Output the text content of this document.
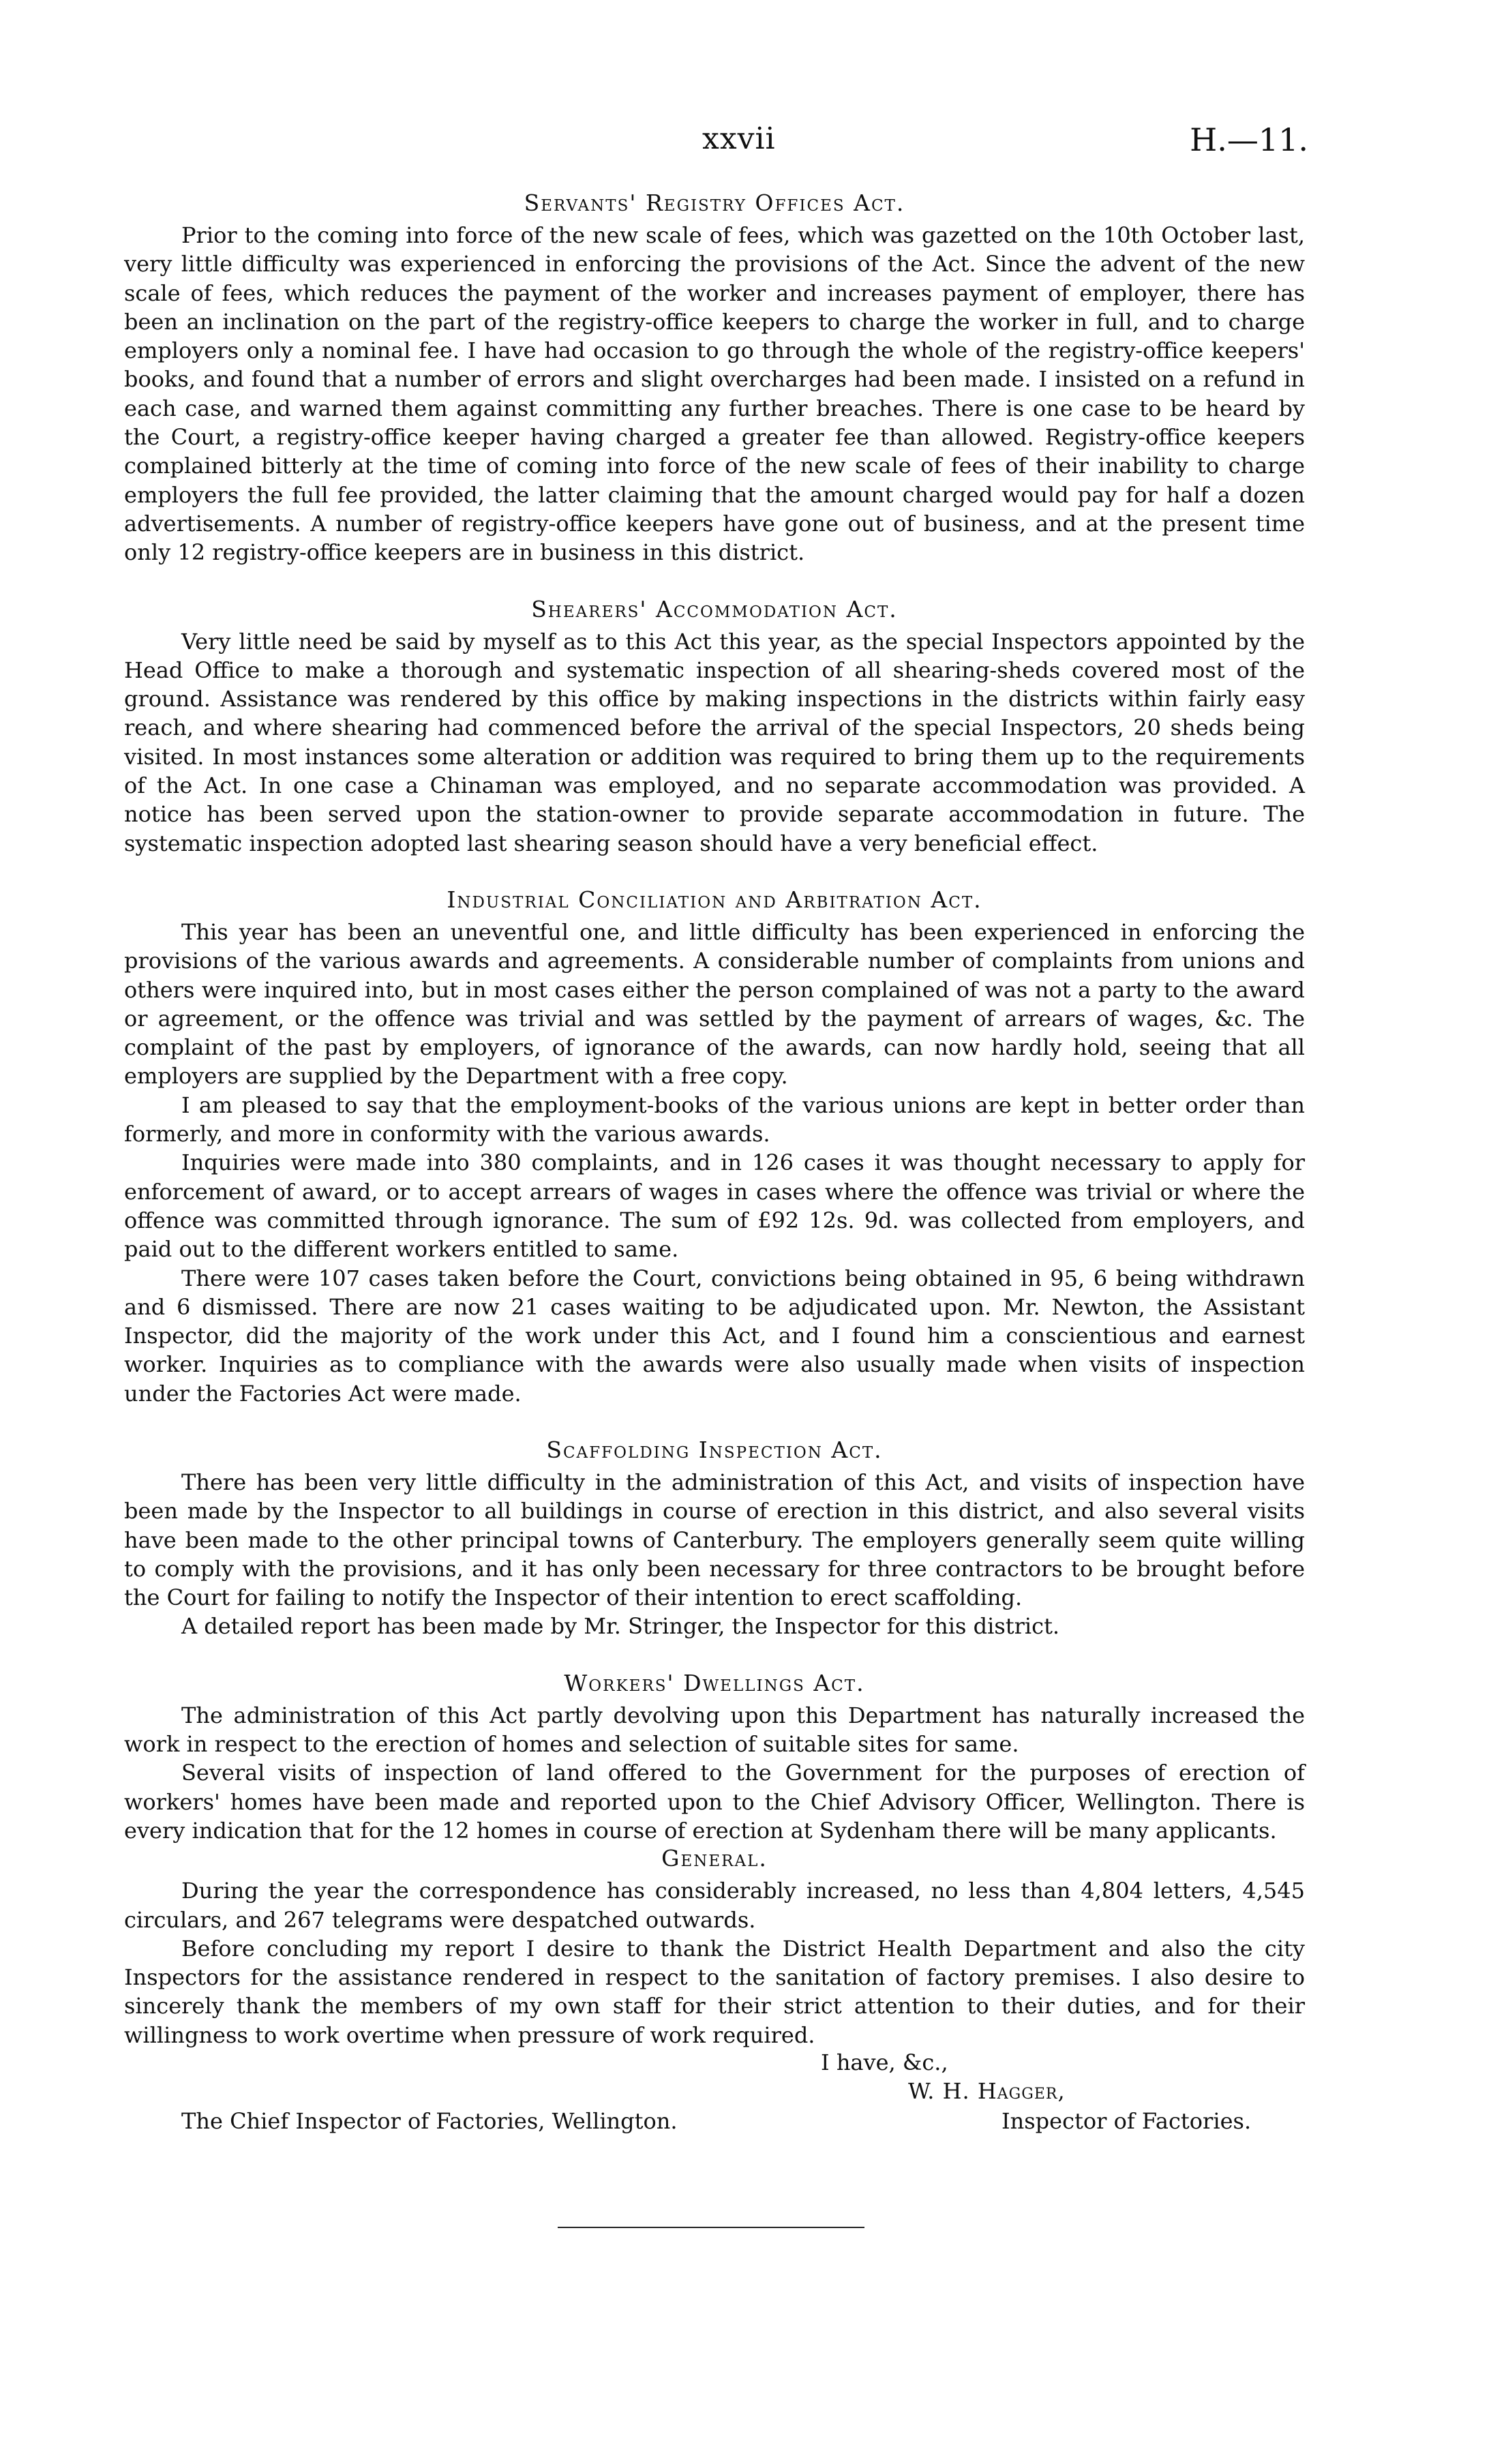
xxvii	H.—11.
Servants' Registry Offices Act.

Prior to the coming into force of the new scale of fees, which was gazetted on the 10th October last, very little difficulty was experienced in enforcing the provisions of the Act. Since the advent of the new scale of fees, which reduces the payment of the worker and increases payment of employer, there has been an inclination on the part of the registry-office keepers to charge the worker in full, and to charge employers only a nominal fee. I have had occasion to go through the whole of the registry-office keepers' books, and found that a number of errors and slight overcharges had been made. I insisted on a refund in each case, and warned them against committing any further breaches. There is one case to be heard by the Court, a registry-office keeper having charged a greater fee than allowed. Registry-office keepers complained bitterly at the time of coming into force of the new scale of fees of their inability to charge employers the full fee provided, the latter claiming that the amount charged would pay for half a dozen advertisements. A number of registry-office keepers have gone out of business, and at the present time only 12 registry-office keepers are in business in this district.

Shearers' Accommodation Act.

Very little need be said by myself as to this Act this year, as the special Inspectors appointed by the Head Office to make a thorough and systematic inspection of all shearing-sheds covered most of the ground. Assistance was rendered by this office by making inspections in the districts within fairly easy reach, and where shearing had commenced before the arrival of the special Inspectors, 20 sheds being visited. In most instances some alteration or addition was required to bring them up to the requirements of the Act. In one case a Chinaman was employed, and no separate accommodation was provided. A notice has been served upon the station-owner to provide separate accommodation in future. The systematic inspection adopted last shearing season should have a very beneficial effect.

Industrial Conciliation and Arbitration Act.

This year has been an uneventful one, and little difficulty has been experienced in enforcing the provisions of the various awards and agreements. A considerable number of complaints from unions and others were inquired into, but in most cases either the person complained of was not a party to the award or agreement, or the offence was trivial and was settled by the payment of arrears of wages, &c. The complaint of the past by employers, of ignorance of the awards, can now hardly hold, seeing that all employers are supplied by the Department with a free copy.

I am pleased to say that the employment-books of the various unions are kept in better order than formerly, and more in conformity with the various awards.

Inquiries were made into 380 complaints, and in 126 cases it was thought necessary to apply for enforcement of award, or to accept arrears of wages in cases where the offence was trivial or where the offence was committed through ignorance. The sum of £92 12s. 9d. was collected from employers, and paid out to the different workers entitled to same.

There were 107 cases taken before the Court, convictions being obtained in 95, 6 being withdrawn and 6 dismissed. There are now 21 cases waiting to be adjudicated upon. Mr. Newton, the Assistant Inspector, did the majority of the work under this Act, and I found him a conscientious and earnest worker. Inquiries as to compliance with the awards were also usually made when visits of inspection under the Factories Act were made.

Scaffolding Inspection Act.

There has been very little difficulty in the administration of this Act, and visits of inspection have been made by the Inspector to all buildings in course of erection in this district, and also several visits have been made to the other principal towns of Canterbury. The employers generally seem quite willing to comply with the provisions, and it has only been necessary for three contractors to be brought before the Court for failing to notify the Inspector of their intention to erect scaffolding.

A detailed report has been made by Mr. Stringer, the Inspector for this district.

Workers' Dwellings Act.

The administration of this Act partly devolving upon this Department has naturally increased the work in respect to the erection of homes and selection of suitable sites for same.

Several visits of inspection of land offered to the Government for the purposes of erection of workers' homes have been made and reported upon to the Chief Advisory Officer, Wellington. There is every indication that for the 12 homes in course of erection at Sydenham there will be many applicants.

General.

During the year the correspondence has considerably increased, no less than 4,804 letters, 4,545 circulars, and 267 telegrams were despatched outwards.

Before concluding my report I desire to thank the District Health Department and also the city Inspectors for the assistance rendered in respect to the sanitation of factory premises. I also desire to sincerely thank the members of my own staff for their strict attention to their duties, and for their willingness to work overtime when pressure of work required.

I have, &c.,
W. H. Hagger,
The Chief Inspector of Factories, Wellington.	Inspector of Factories.
